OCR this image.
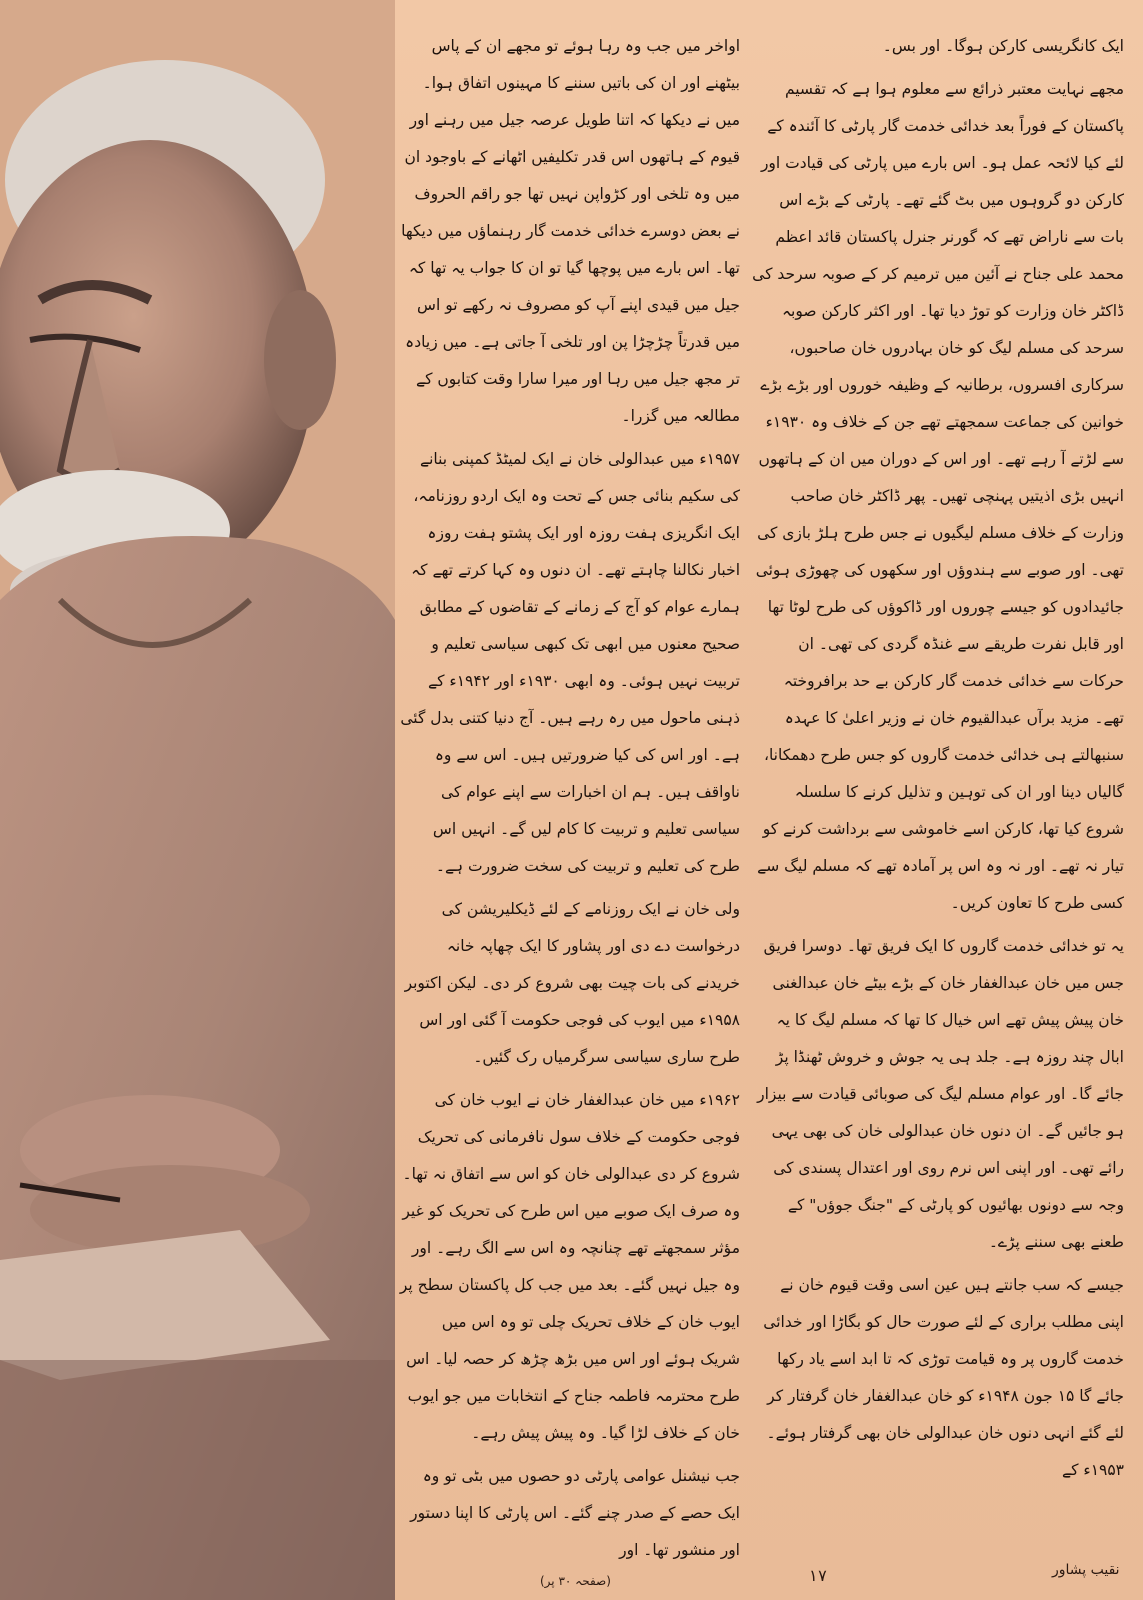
ایک کانگریسی کارکن ہوگا۔ اور بس۔

مجھے نہایت معتبر ذرائع سے معلوم ہوا ہے کہ تقسیم پاکستان کے فوراً بعد خدائی خدمت گار پارٹی کا آئندہ کے لئے کیا لائحہ عمل ہو۔ اس بارے میں پارٹی کی قیادت اور کارکن دو گروہوں میں بٹ گئے تھے۔ پارٹی کے بڑے اس بات سے ناراض تھے کہ گورنر جنرل پاکستان قائد اعظم محمد علی جناح نے آئین میں ترمیم کر کے صوبہ سرحد کی ڈاکٹر خان وزارت کو توڑ دیا تھا۔ اور اکثر کارکن صوبہ سرحد کی مسلم لیگ کو خان بہادروں خان صاحبوں، سرکاری افسروں، برطانیہ کے وظیفہ خوروں اور بڑے بڑے خوانین کی جماعت سمجھتے تھے جن کے خلاف وہ ۱۹۳۰ء سے لڑتے آ رہے تھے۔ اور اس کے دوران میں ان کے ہاتھوں انہیں بڑی اذیتیں پہنچی تھیں۔ پھر ڈاکٹر خان صاحب وزارت کے خلاف مسلم لیگیوں نے جس طرح ہلڑ بازی کی تھی۔ اور صوبے سے ہندوؤں اور سکھوں کی چھوڑی ہوئی جائیدادوں کو جیسے چوروں اور ڈاکوؤں کی طرح لوٹا تھا اور قابل نفرت طریقے سے غنڈہ گردی کی تھی۔ ان حرکات سے خدائی خدمت گار کارکن بے حد برافروختہ تھے۔ مزید برآں عبدالقیوم خان نے وزیر اعلیٰ کا عہدہ سنبھالتے ہی خدائی خدمت گاروں کو جس طرح دھمکانا، گالیاں دینا اور ان کی توہین و تذلیل کرنے کا سلسلہ شروع کیا تھا، کارکن اسے خاموشی سے برداشت کرنے کو تیار نہ تھے۔ اور نہ وہ اس پر آمادہ تھے کہ مسلم لیگ سے کسی طرح کا تعاون کریں۔

یہ تو خدائی خدمت گاروں کا ایک فریق تھا۔ دوسرا فریق جس میں خان عبدالغفار خان کے بڑے بیٹے خان عبدالغنی خان پیش پیش تھے اس خیال کا تھا کہ مسلم لیگ کا یہ ابال چند روزہ ہے۔ جلد ہی یہ جوش و خروش ٹھنڈا پڑ جائے گا۔ اور عوام مسلم لیگ کی صوبائی قیادت سے بیزار ہو جائیں گے۔ ان دنوں خان عبدالولی خان کی بھی یہی رائے تھی۔ اور اپنی اس نرم روی اور اعتدال پسندی کی وجہ سے دونوں بھائیوں کو پارٹی کے "جنگ جوؤں" کے طعنے بھی سننے پڑے۔

جیسے کہ سب جانتے ہیں عین اسی وقت قیوم خان نے اپنی مطلب براری کے لئے صورت حال کو بگاڑا اور خدائی خدمت گاروں پر وہ قیامت توڑی کہ تا ابد اسے یاد رکھا جائے گا ۱۵ جون ۱۹۴۸ء کو خان عبدالغفار خان گرفتار کر لئے گئے انہی دنوں خان عبدالولی خان بھی گرفتار ہوئے۔ ۱۹۵۳ء کے

اواخر میں جب وہ رہا ہوئے تو مجھے ان کے پاس بیٹھنے اور ان کی باتیں سننے کا مہینوں اتفاق ہوا۔ میں نے دیکھا کہ اتنا طویل عرصہ جیل میں رہنے اور قیوم کے ہاتھوں اس قدر تکلیفیں اٹھانے کے باوجود ان میں وہ تلخی اور کڑواپن نہیں تھا جو راقم الحروف نے بعض دوسرے خدائی خدمت گار رہنماؤں میں دیکھا تھا۔ اس بارے میں پوچھا گیا تو ان کا جواب یہ تھا کہ جیل میں قیدی اپنے آپ کو مصروف نہ رکھے تو اس میں قدرتاً چڑچڑا پن اور تلخی آ جاتی ہے۔ میں زیادہ تر مجھ جیل میں رہا اور میرا سارا وقت کتابوں کے مطالعہ میں گزرا۔

۱۹۵۷ء میں عبدالولی خان نے ایک لمیٹڈ کمپنی بنانے کی سکیم بنائی جس کے تحت وہ ایک اردو روزنامہ، ایک انگریزی ہفت روزہ اور ایک پشتو ہفت روزہ اخبار نکالنا چاہتے تھے۔ ان دنوں وہ کہا کرتے تھے کہ ہمارے عوام کو آج کے زمانے کے تقاضوں کے مطابق صحیح معنوں میں ابھی تک کبھی سیاسی تعلیم و تربیت نہیں ہوئی۔ وہ ابھی ۱۹۳۰ء اور ۱۹۴۲ء کے ذہنی ماحول میں رہ رہے ہیں۔ آج دنیا کتنی بدل گئی ہے۔ اور اس کی کیا ضرورتیں ہیں۔ اس سے وہ ناواقف ہیں۔ ہم ان اخبارات سے اپنے عوام کی سیاسی تعلیم و تربیت کا کام لیں گے۔ انہیں اس طرح کی تعلیم و تربیت کی سخت ضرورت ہے۔

ولی خان نے ایک روزنامے کے لئے ڈیکلیریشن کی درخواست دے دی اور پشاور کا ایک چھاپہ خانہ خریدنے کی بات چیت بھی شروع کر دی۔ لیکن اکتوبر ۱۹۵۸ء میں ایوب کی فوجی حکومت آ گئی اور اس طرح ساری سیاسی سرگرمیاں رک گئیں۔

۱۹۶۲ء میں خان عبدالغفار خان نے ایوب خان کی فوجی حکومت کے خلاف سول نافرمانی کی تحریک شروع کر دی عبدالولی خان کو اس سے اتفاق نہ تھا۔ وہ صرف ایک صوبے میں اس طرح کی تحریک کو غیر مؤثر سمجھتے تھے چنانچہ وہ اس سے الگ رہے۔ اور وہ جیل نہیں گئے۔ بعد میں جب کل پاکستان سطح پر ایوب خان کے خلاف تحریک چلی تو وہ اس میں شریک ہوئے اور اس میں بڑھ چڑھ کر حصہ لیا۔ اس طرح محترمہ فاطمہ جناح کے انتخابات میں جو ایوب خان کے خلاف لڑا گیا۔ وہ پیش پیش رہے۔

جب نیشنل عوامی پارٹی دو حصوں میں بٹی تو وہ ایک حصے کے صدر چنے گئے۔ اس پارٹی کا اپنا دستور اور منشور تھا۔ اور

(صفحہ ۳۰ پر)	۱۷	نقیب پشاور
